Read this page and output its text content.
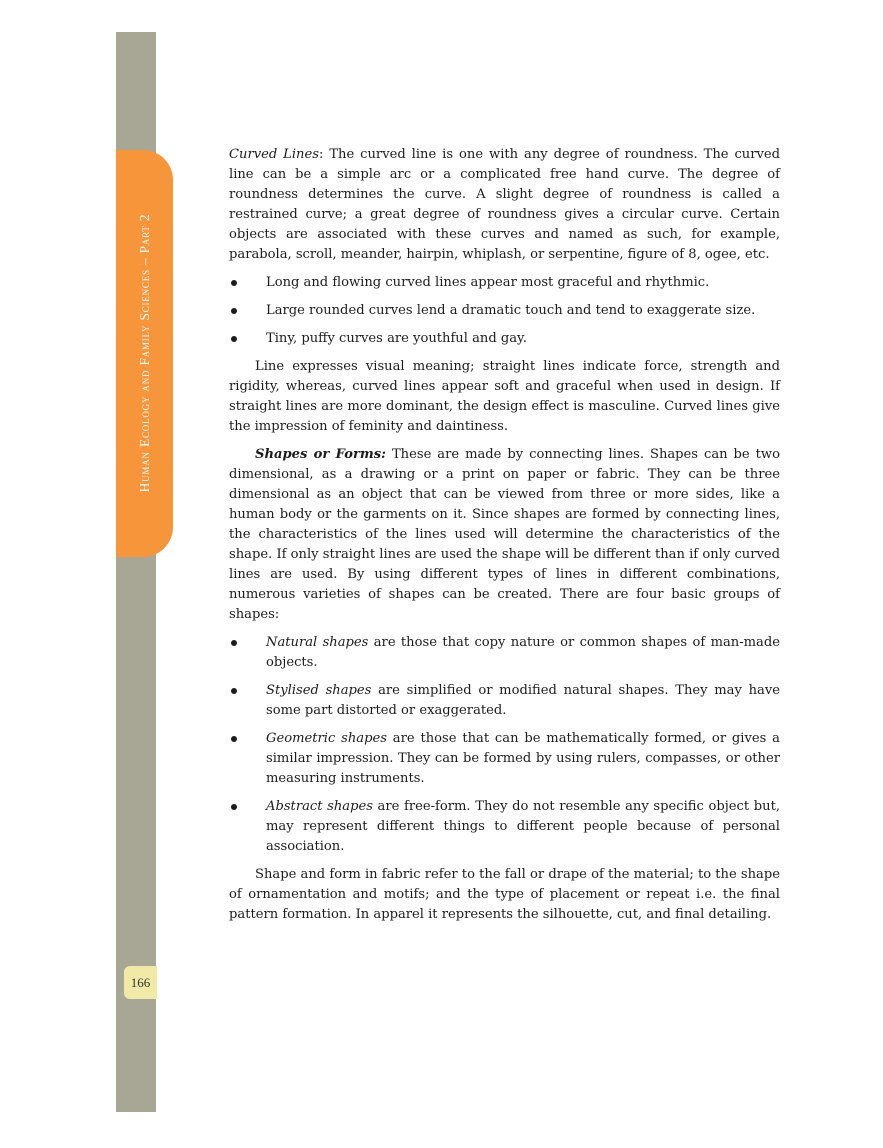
Human Ecology and Family Sciences – Part 2
166

Curved Lines: The curved line is one with any degree of roundness. The curved line can be a simple arc or a complicated free hand curve. The degree of roundness determines the curve. A slight degree of roundness is called a restrained curve; a great degree of roundness gives a circular curve. Certain objects are associated with these curves and named as such, for example, parabola, scroll, meander, hairpin, whiplash, or serpentine, figure of 8, ogee, etc.

Long and flowing curved lines appear most graceful and rhythmic.
Large rounded curves lend a dramatic touch and tend to exaggerate size.
Tiny, puffy curves are youthful and gay.

Line expresses visual meaning; straight lines indicate force, strength and rigidity, whereas, curved lines appear soft and graceful when used in design. If straight lines are more dominant, the design effect is masculine. Curved lines give the impression of feminity and daintiness.

Shapes or Forms: These are made by connecting lines. Shapes can be two dimensional, as a drawing or a print on paper or fabric. They can be three dimensional as an object that can be viewed from three or more sides, like a human body or the garments on it. Since shapes are formed by connecting lines, the characteristics of the lines used will determine the characteristics of the shape. If only straight lines are used the shape will be different than if only curved lines are used. By using different types of lines in different combinations, numerous varieties of shapes can be created. There are four basic groups of shapes:

Natural shapes are those that copy nature or common shapes of man-made objects.
Stylised shapes are simplified or modified natural shapes. They may have some part distorted or exaggerated.
Geometric shapes are those that can be mathematically formed, or gives a similar impression. They can be formed by using rulers, compasses, or other measuring instruments.
Abstract shapes are free-form. They do not resemble any specific object but, may represent different things to different people because of personal association.

Shape and form in fabric refer to the fall or drape of the material; to the shape of ornamentation and motifs; and the type of placement or repeat i.e. the final pattern formation. In apparel it represents the silhouette, cut, and final detailing.
